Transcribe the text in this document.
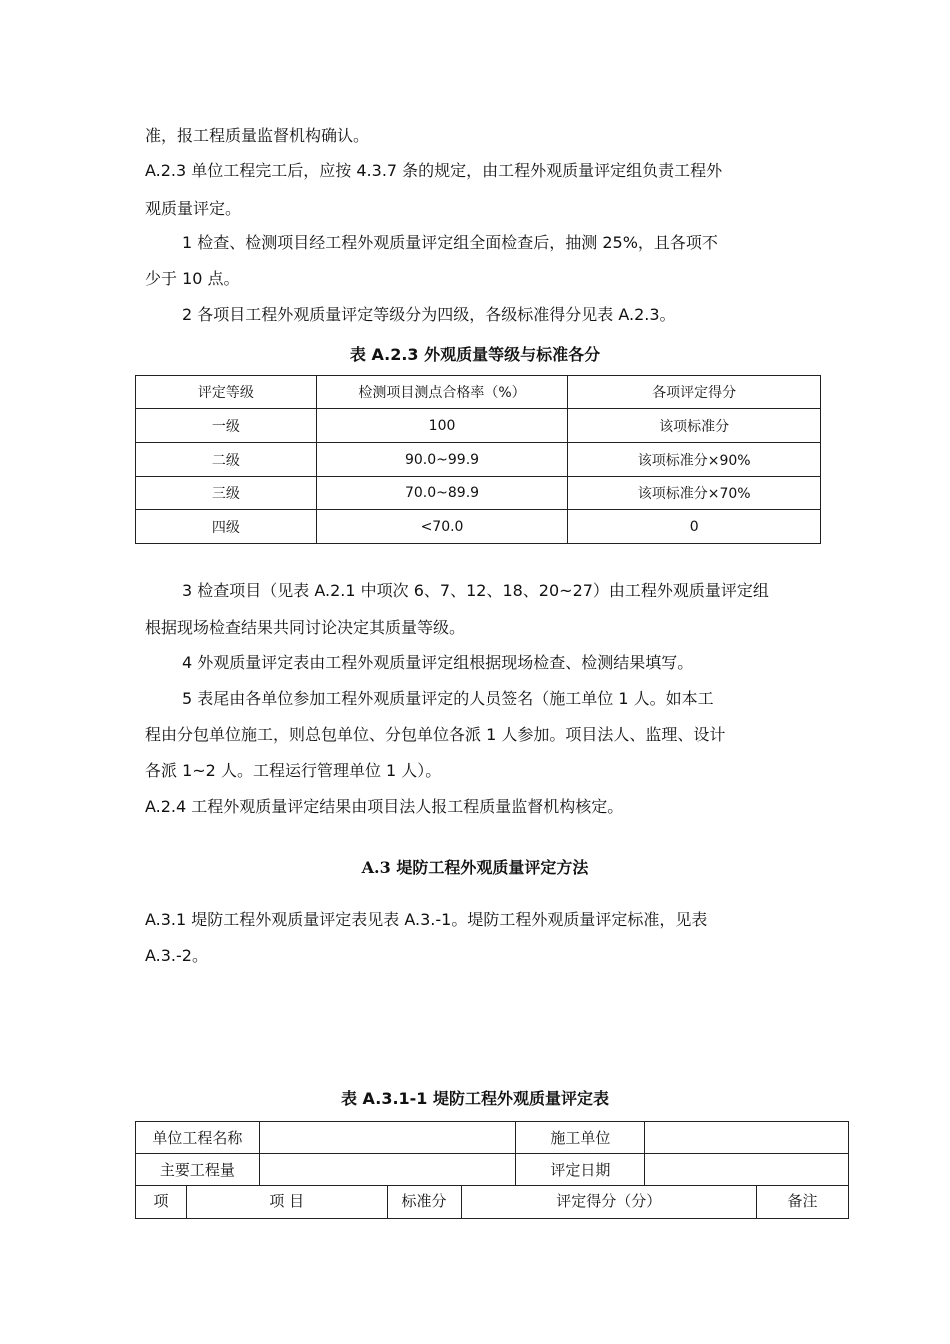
准，报工程质量监督机构确认。
A.2.3 单位工程完工后，应按 4.3.7 条的规定，由工程外观质量评定组负责工程外
观质量评定。
1 检查、检测项目经工程外观质量评定组全面检查后，抽测 25%，且各项不
少于 10 点。
2 各项目工程外观质量评定等级分为四级，各级标准得分见表 A.2.3。
表 A.2.3 外观质量等级与标准各分
评定等级	检测项目测点合格率（%）	各项评定得分
一级	100	该项标准分
二级	90.0~99.9	该项标准分×90%
三级	70.0~89.9	该项标准分×70%
四级	<70.0	0
3 检查项目（见表 A.2.1 中项次 6、7、12、18、20~27）由工程外观质量评定组
根据现场检查结果共同讨论决定其质量等级。
4 外观质量评定表由工程外观质量评定组根据现场检查、检测结果填写。
5 表尾由各单位参加工程外观质量评定的人员签名（施工单位 1 人。如本工
程由分包单位施工，则总包单位、分包单位各派 1 人参加。项目法人、监理、设计
各派 1~2 人。工程运行管理单位 1 人）。
A.2.4 工程外观质量评定结果由项目法人报工程质量监督机构核定。
A.3 堤防工程外观质量评定方法
A.3.1 堤防工程外观质量评定表见表 A.3.-1。堤防工程外观质量评定标准，见表
A.3.-2。
表 A.3.1-1 堤防工程外观质量评定表
单位工程名称					施工单位		
主要工程量					评定日期		
项	项 目		标准分	评定得分（分）			备注
